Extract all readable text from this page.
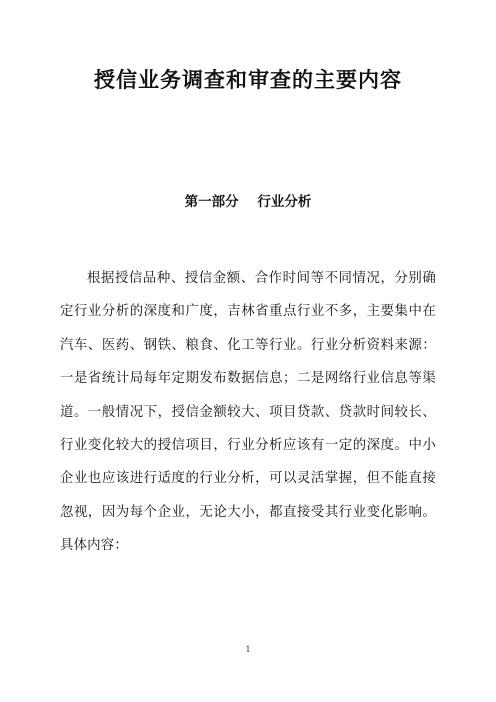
授信业务调查和审查的主要内容
第一部分    行业分析

根据授信品种、授信金额、合作时间等不同情况，分别确定行业分析的深度和广度，吉林省重点行业不多，主要集中在汽车、医药、钢铁、粮食、化工等行业。行业分析资料来源：一是省统计局每年定期发布数据信息；二是网络行业信息等渠道。一般情况下，授信金额较大、项目贷款、贷款时间较长、行业变化较大的授信项目，行业分析应该有一定的深度。中小企业也应该进行适度的行业分析，可以灵活掌握，但不能直接忽视，因为每个企业，无论大小，都直接受其行业变化影响。具体内容：

1
